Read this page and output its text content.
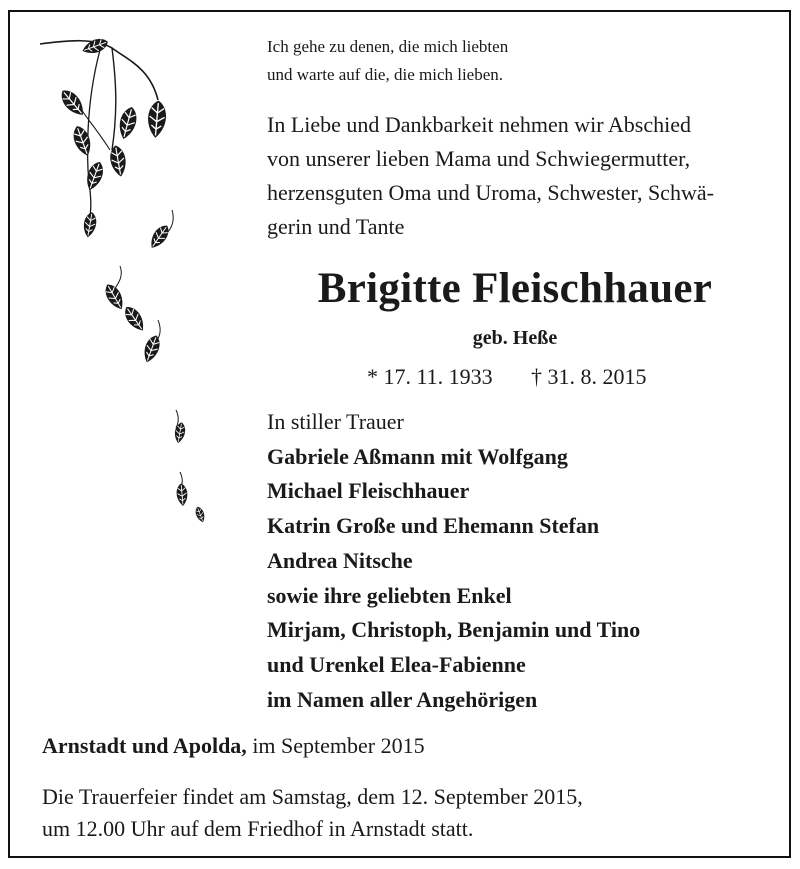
Ich gehe zu denen, die mich liebten
und warte auf die, die mich lieben.
In Liebe und Dankbarkeit nehmen wir Abschied
von unserer lieben Mama und Schwiegermutter,
herzensguten Oma und Uroma, Schwester, Schwä-
gerin und Tante
Brigitte Fleischhauer
geb. Heße
* 17. 11. 1933 † 31. 8. 2015
In stiller Trauer
Gabriele Aßmann mit Wolfgang
Michael Fleischhauer
Katrin Große und Ehemann Stefan
Andrea Nitsche
sowie ihre geliebten Enkel
Mirjam, Christoph, Benjamin und Tino
und Urenkel Elea-Fabienne
im Namen aller Angehörigen
Arnstadt und Apolda, im September 2015
Die Trauerfeier findet am Samstag, dem 12. September 2015,
um 12.00 Uhr auf dem Friedhof in Arnstadt statt.
